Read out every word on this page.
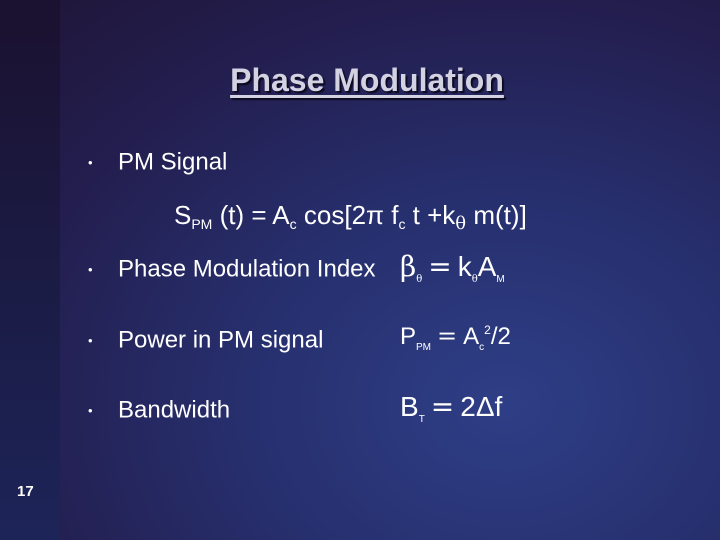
Phase Modulation
• PM Signal
$S_{PM}$ $(t) = A_c$ cos[2π $f_c$ $t +k_\theta$ m(t)]
• Phase Modulation Index $\beta_\theta = k_\theta A_M$
• Power in PM signal	$P_{PM} = A_c^2/2$
• Bandwidth	$B_T = 2\Delta f$
17
